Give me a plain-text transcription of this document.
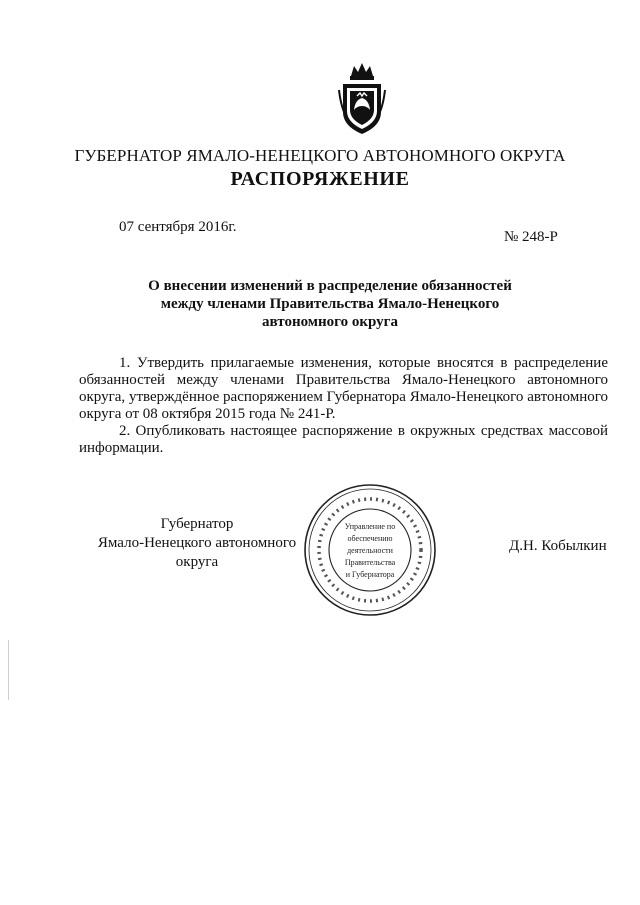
ГУБЕРНАТОР ЯМАЛО-НЕНЕЦКОГО АВТОНОМНОГО ОКРУГА
РАСПОРЯЖЕНИЕ
07 сентября 2016г.
№ 248-Р
О внесении изменений в распределение обязанностей
между членами Правительства Ямало-Ненецкого
автономного округа

1. Утвердить прилагаемые изменения, которые вносятся в распределение обязанностей между членами Правительства Ямало-Ненецкого автономного округа, утверждённое распоряжением Губернатора Ямало-Ненецкого автономного округа от 08 октября 2015 года № 241-Р.

2. Опубликовать настоящее распоряжение в окружных средствах массовой информации.

Губернатор
Ямало-Ненецкого автономного округа
Управление по
обеспечению
деятельности
Правительства
и Губернатора
Д.Н. Кобылкин
